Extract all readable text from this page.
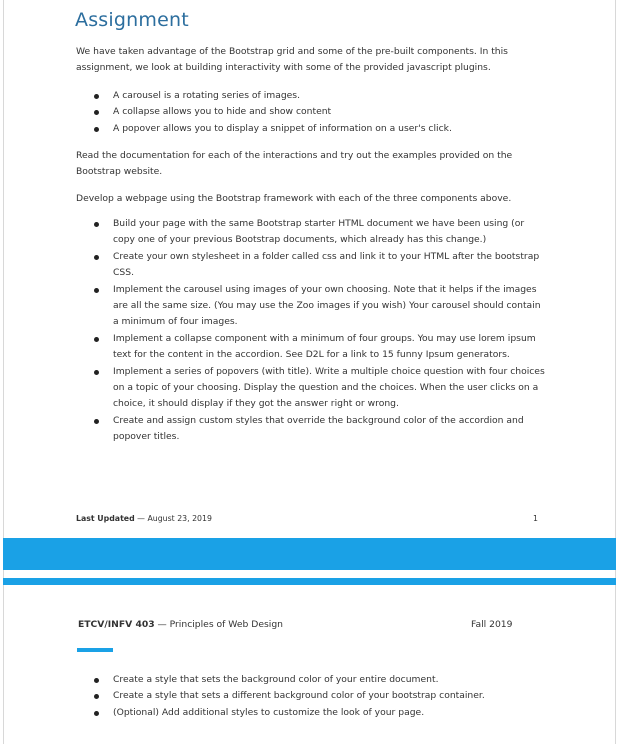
Assignment
We have taken advantage of the Bootstrap grid and some of the pre-built components. In this assignment, we look at building interactivity with some of the provided javascript plugins.
A carousel is a rotating series of images.
A collapse allows you to hide and show content
A popover allows you to display a snippet of information on a user's click.
Read the documentation for each of the interactions and try out the examples provided on the Bootstrap website.
Develop a webpage using the Bootstrap framework with each of the three components above.
Build your page with the same Bootstrap starter HTML document we have been using (or copy one of your previous Bootstrap documents, which already has this change.)
Create your own stylesheet in a folder called css and link it to your HTML after the bootstrap CSS.
Implement the carousel using images of your own choosing. Note that it helps if the images are all the same size. (You may use the Zoo images if you wish) Your carousel should contain a minimum of four images.
Implement a collapse component with a minimum of four groups. You may use lorem ipsum text for the content in the accordion. See D2L for a link to 15 funny Ipsum generators.
Implement a series of popovers (with title). Write a multiple choice question with four choices on a topic of your choosing. Display the question and the choices. When the user clicks on a choice, it should display if they got the answer right or wrong.
Create and assign custom styles that override the background color of the accordion and popover titles.
Last Updated — August 23, 2019	1
ETCV/INFV 403 — Principles of Web Design	Fall 2019
Create a style that sets the background color of your entire document.
Create a style that sets a different background color of your bootstrap container.
(Optional) Add additional styles to customize the look of your page.
